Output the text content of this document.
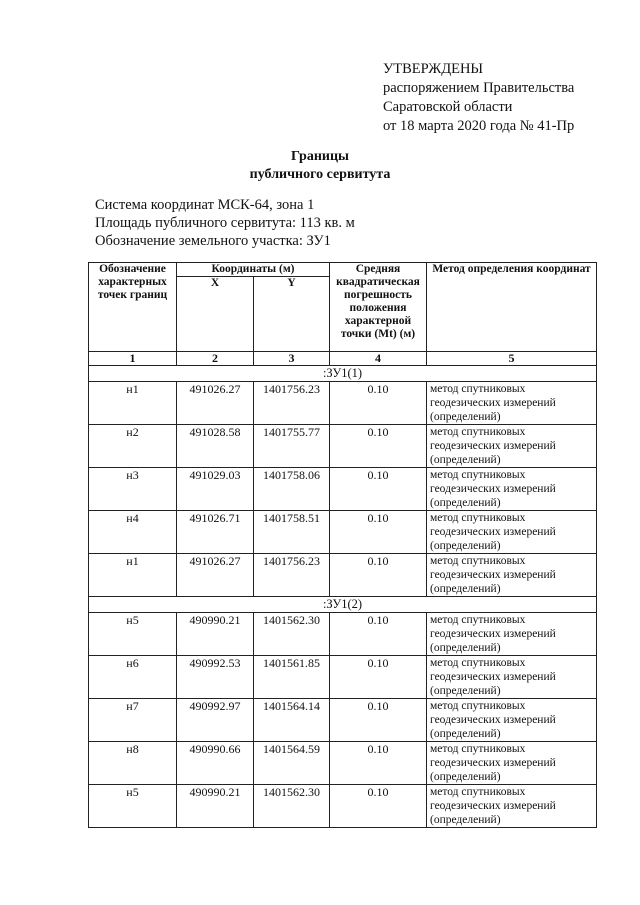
УТВЕРЖДЕНЫ
распоряжением Правительства
Саратовской области
от 18 марта 2020 года № 41-Пр
Границы
публичного сервитута
Система координат МСК-64, зона 1
Площадь публичного сервитута: 113 кв. м
Обозначение земельного участка: ЗУ1
Обозначение характерных точек границ	Координаты (м)		Средняя квадратическая погрешность положения характерной точки (Mt) (м)	Метод определения координат
	X	Y		
1	2	3	4	5
:ЗУ1(1)				
н1	491026.27	1401756.23	0.10	метод спутниковых геодезических измерений (определений)
н2	491028.58	1401755.77	0.10	метод спутниковых геодезических измерений (определений)
н3	491029.03	1401758.06	0.10	метод спутниковых геодезических измерений (определений)
н4	491026.71	1401758.51	0.10	метод спутниковых геодезических измерений (определений)
н1	491026.27	1401756.23	0.10	метод спутниковых геодезических измерений (определений)
:ЗУ1(2)				
н5	490990.21	1401562.30	0.10	метод спутниковых геодезических измерений (определений)
н6	490992.53	1401561.85	0.10	метод спутниковых геодезических измерений (определений)
н7	490992.97	1401564.14	0.10	метод спутниковых геодезических измерений (определений)
н8	490990.66	1401564.59	0.10	метод спутниковых геодезических измерений (определений)
н5	490990.21	1401562.30	0.10	метод спутниковых геодезических измерений (определений)
